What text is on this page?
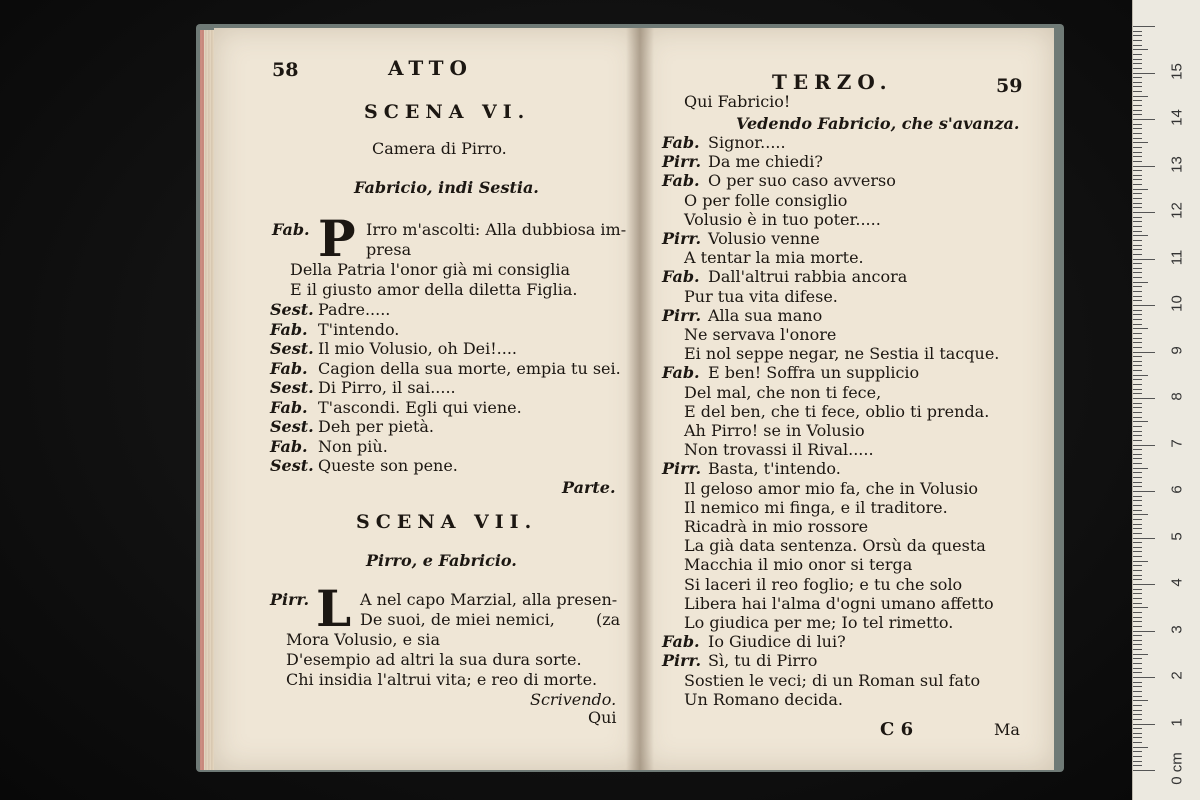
58	ATTO
SCENA VI.
Camera di Pirro.
Fabricio, indi Sestia.
Fab. P Irro m'ascolti: Alla dubbiosa im-
presa
Della Patria l'onor già mi consiglia
E il giusto amor della diletta Figlia.
Sest. Padre.....
Fab. T'intendo.
Sest. Il mio Volusio, oh Dei!....
Fab. Cagion della sua morte, empia tu sei.
Sest. Di Pirro, il sai.....
Fab. T'ascondi. Egli qui viene.
Sest. Deh per pietà.
Fab. Non più.
Sest. Queste son pene.
Parte.
SCENA VII.
Pirro, e Fabricio.
Pirr. L A nel capo Marzial, alla presen-
De suoi, de miei nemici,	(za
Mora Volusio, e sia
D'esempio ad altri la sua dura sorte.
Chi insidia l'altrui vita; e reo di morte.
Scrivendo.
Qui
TERZO.	59
Qui Fabricio!
Vedendo Fabricio, che s'avanza.
Fab. Signor.....
Pirr. Da me chiedi?
Fab. O per suo caso avverso
O per folle consiglio
Volusio è in tuo poter.....
Pirr. Volusio venne
A tentar la mia morte.
Fab. Dall'altrui rabbia ancora
Pur tua vita difese.
Pirr. Alla sua mano
Ne servava l'onore
Ei nol seppe negar, ne Sestia il tacque.
Fab. E ben! Soffra un supplicio
Del mal, che non ti fece,
E del ben, che ti fece, oblio ti prenda.
Ah Pirro! se in Volusio
Non trovassi il Rival.....
Pirr. Basta, t'intendo.
Il geloso amor mio fa, che in Volusio
Il nemico mi finga, e il traditore.
Ricadrà in mio rossore
La già data sentenza. Orsù da questa
Macchia il mio onor si terga
Si laceri il reo foglio; e tu che solo
Libera hai l'alma d'ogni umano affetto
Lo giudica per me; Io tel rimetto.
Fab. Io Giudice di lui?
Pirr. Sì, tu di Pirro
Sostien le veci; di un Roman sul fato
Un Romano decida.
C 6	Ma
0 cm
1
2
3
4
5
6
7
8
9
10
11
12
13
14
15
